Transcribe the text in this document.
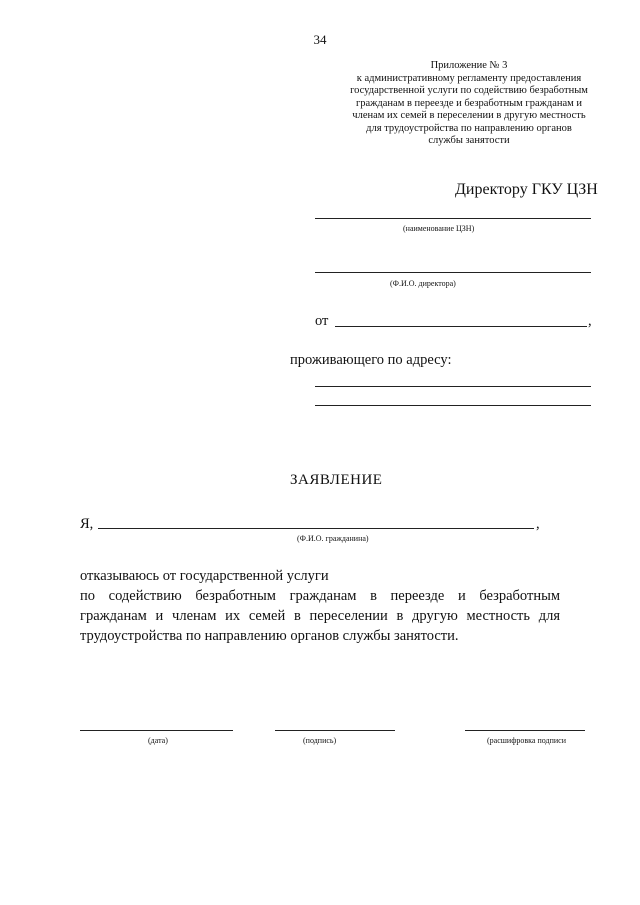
34
Приложение № 3
к административному регламенту предоставления
государственной услуги по содействию безработным
гражданам в переезде и безработным гражданам и
членам их семей в переселении в другую местность
для трудоустройства по направлению органов
службы занятости
Директору ГКУ ЦЗН
(наименование ЦЗН)
(Ф.И.О. директора)
от	,
проживающего по адресу:
ЗАЯВЛЕНИЕ
Я,	,
(Ф.И.О. гражданина)
отказываюсь от государственной услуги
по содействию безработным гражданам в переезде и безработным гражданам и членам их семей в переселении в другую местность для трудоустройства по направлению органов службы занятости.
(дата)	(подпись)	(расшифровка подписи
